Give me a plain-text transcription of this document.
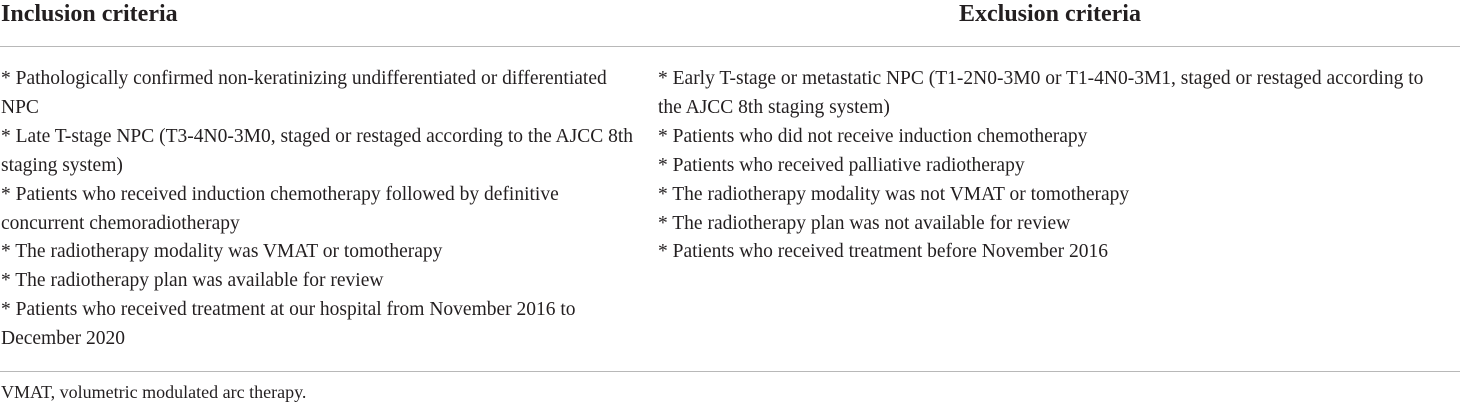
Inclusion criteria	Exclusion criteria

* Pathologically confirmed non-keratinizing undifferentiated or differentiated NPC

* Late T-stage NPC (T3-4N0-3M0, staged or restaged according to the AJCC 8th staging system)

* Patients who received induction chemotherapy followed by definitive concurrent chemoradiotherapy

* The radiotherapy modality was VMAT or tomotherapy

* The radiotherapy plan was available for review

* Patients who received treatment at our hospital from November 2016 to December 2020

* Early T-stage or metastatic NPC (T1-2N0-3M0 or T1-4N0-3M1, staged or restaged according to the AJCC 8th staging system)

* Patients who did not receive induction chemotherapy

* Patients who received palliative radiotherapy

* The radiotherapy modality was not VMAT or tomotherapy

* The radiotherapy plan was not available for review

* Patients who received treatment before November 2016

VMAT, volumetric modulated arc therapy.
